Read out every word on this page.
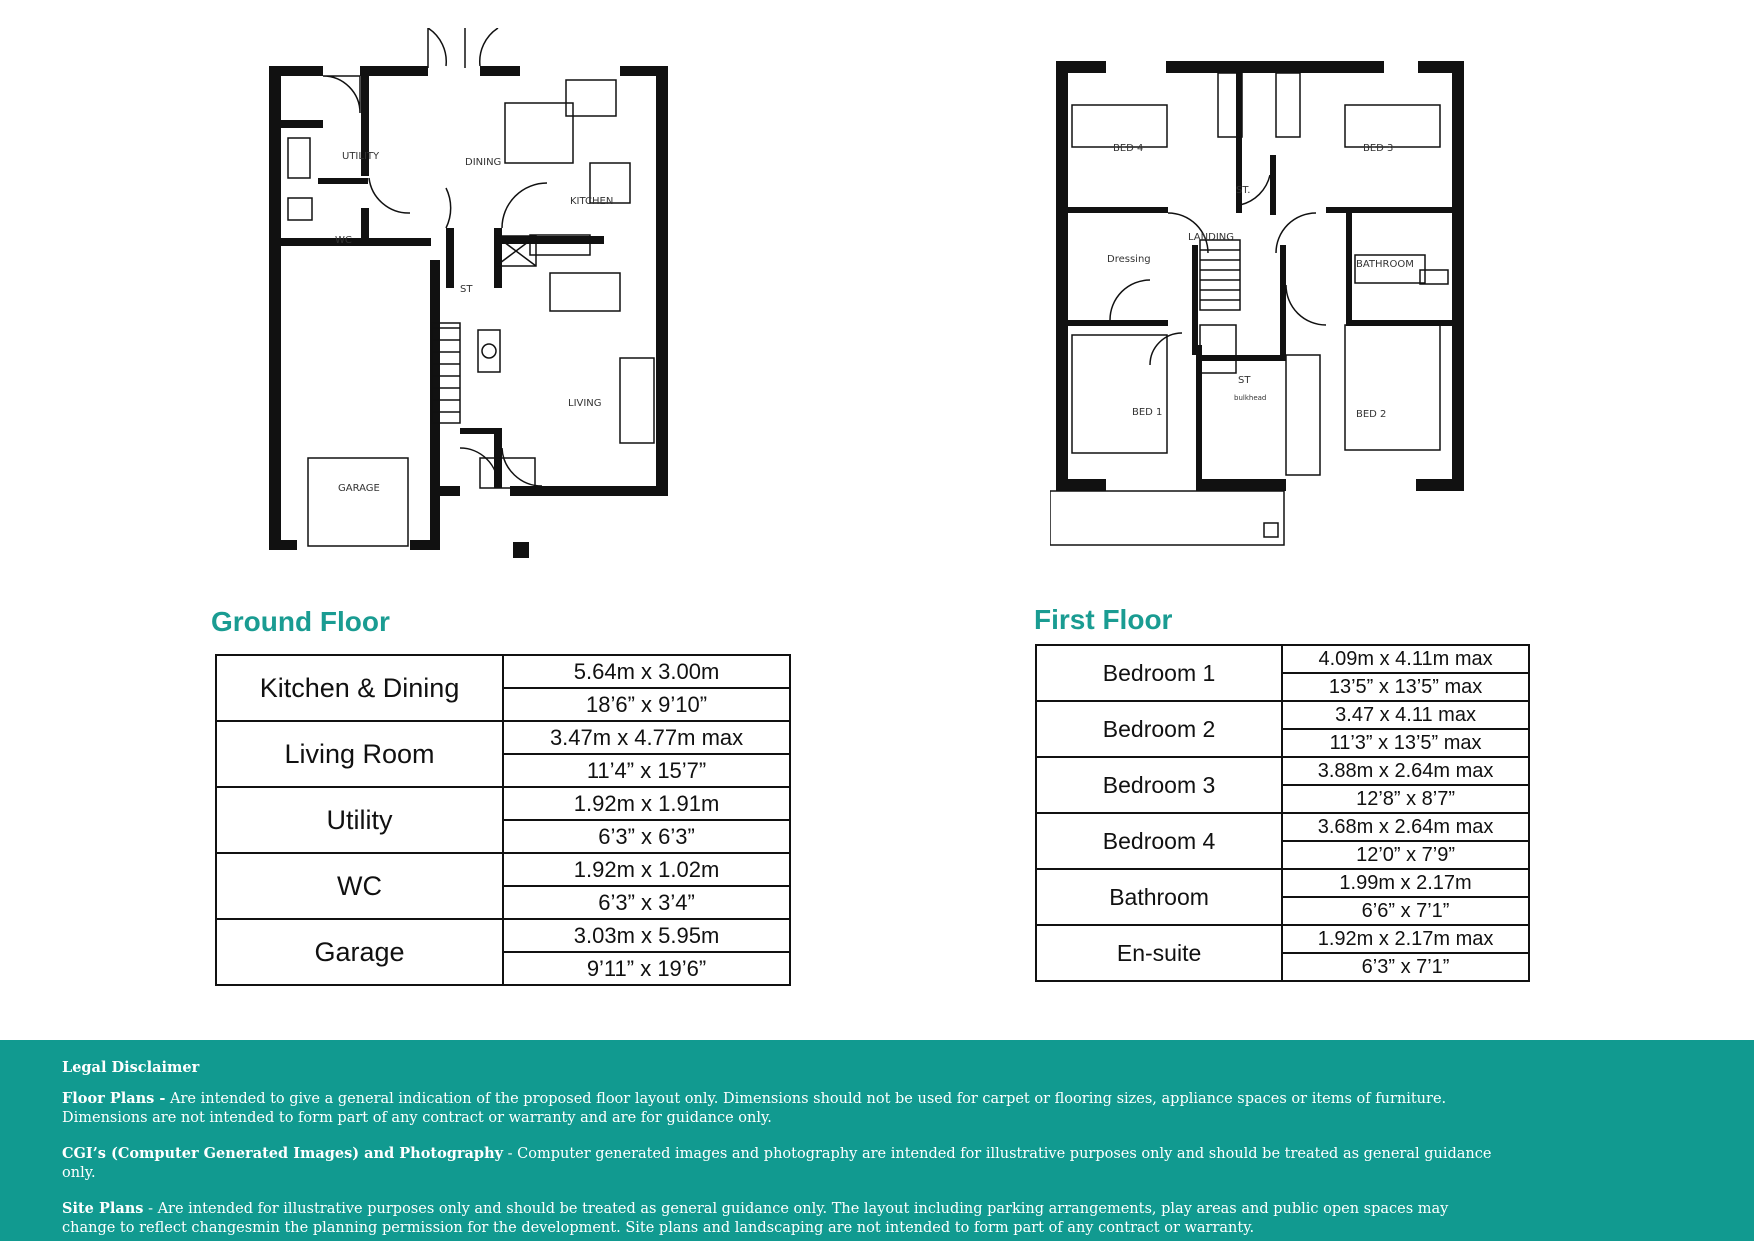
UTILITY
DINING
KITCHEN
WC
ST
LIVING
GARAGE
BED 4	BED 3
ST.
LANDING
Dressing	BATHROOM
ST
bulkhead
BED 1	BED 2
Ground Floor
Kitchen & Dining	5.64m x 3.00m
	18’6” x 9’10”
Living Room	3.47m x 4.77m max
	11’4” x 15’7”
Utility	1.92m x 1.91m
	6’3” x 6’3”
WC	1.92m x 1.02m
	6’3” x 3’4”
Garage	3.03m x 5.95m
	9’11” x 19’6”
First Floor
Bedroom 1	4.09m x 4.11m max
	13’5” x 13’5” max
Bedroom 2	3.47 x 4.11 max
	11’3” x 13’5” max
Bedroom 3	3.88m x 2.64m max
	12’8” x 8’7”
Bedroom 4	3.68m x 2.64m max
	12’0” x 7’9”
Bathroom	1.99m x 2.17m
	6’6” x 7’1”
En-suite	1.92m x 2.17m max
	6’3” x 7’1”
Legal Disclaimer

Floor Plans - Are intended to give a general indication of the proposed floor layout only. Dimensions should not be used for carpet or flooring sizes, appliance spaces or items of furniture. Dimensions are not intended to form part of any contract or warranty and are for guidance only.

CGI’s (Computer Generated Images) and Photography - Computer generated images and photography are intended for illustrative purposes only and should be treated as general guidance only.

Site Plans - Are intended for illustrative purposes only and should be treated as general guidance only. The layout including parking arrangements, play areas and public open spaces may change to reflect changesmin the planning permission for the development. Site plans and landscaping are not intended to form part of any contract or warranty.
